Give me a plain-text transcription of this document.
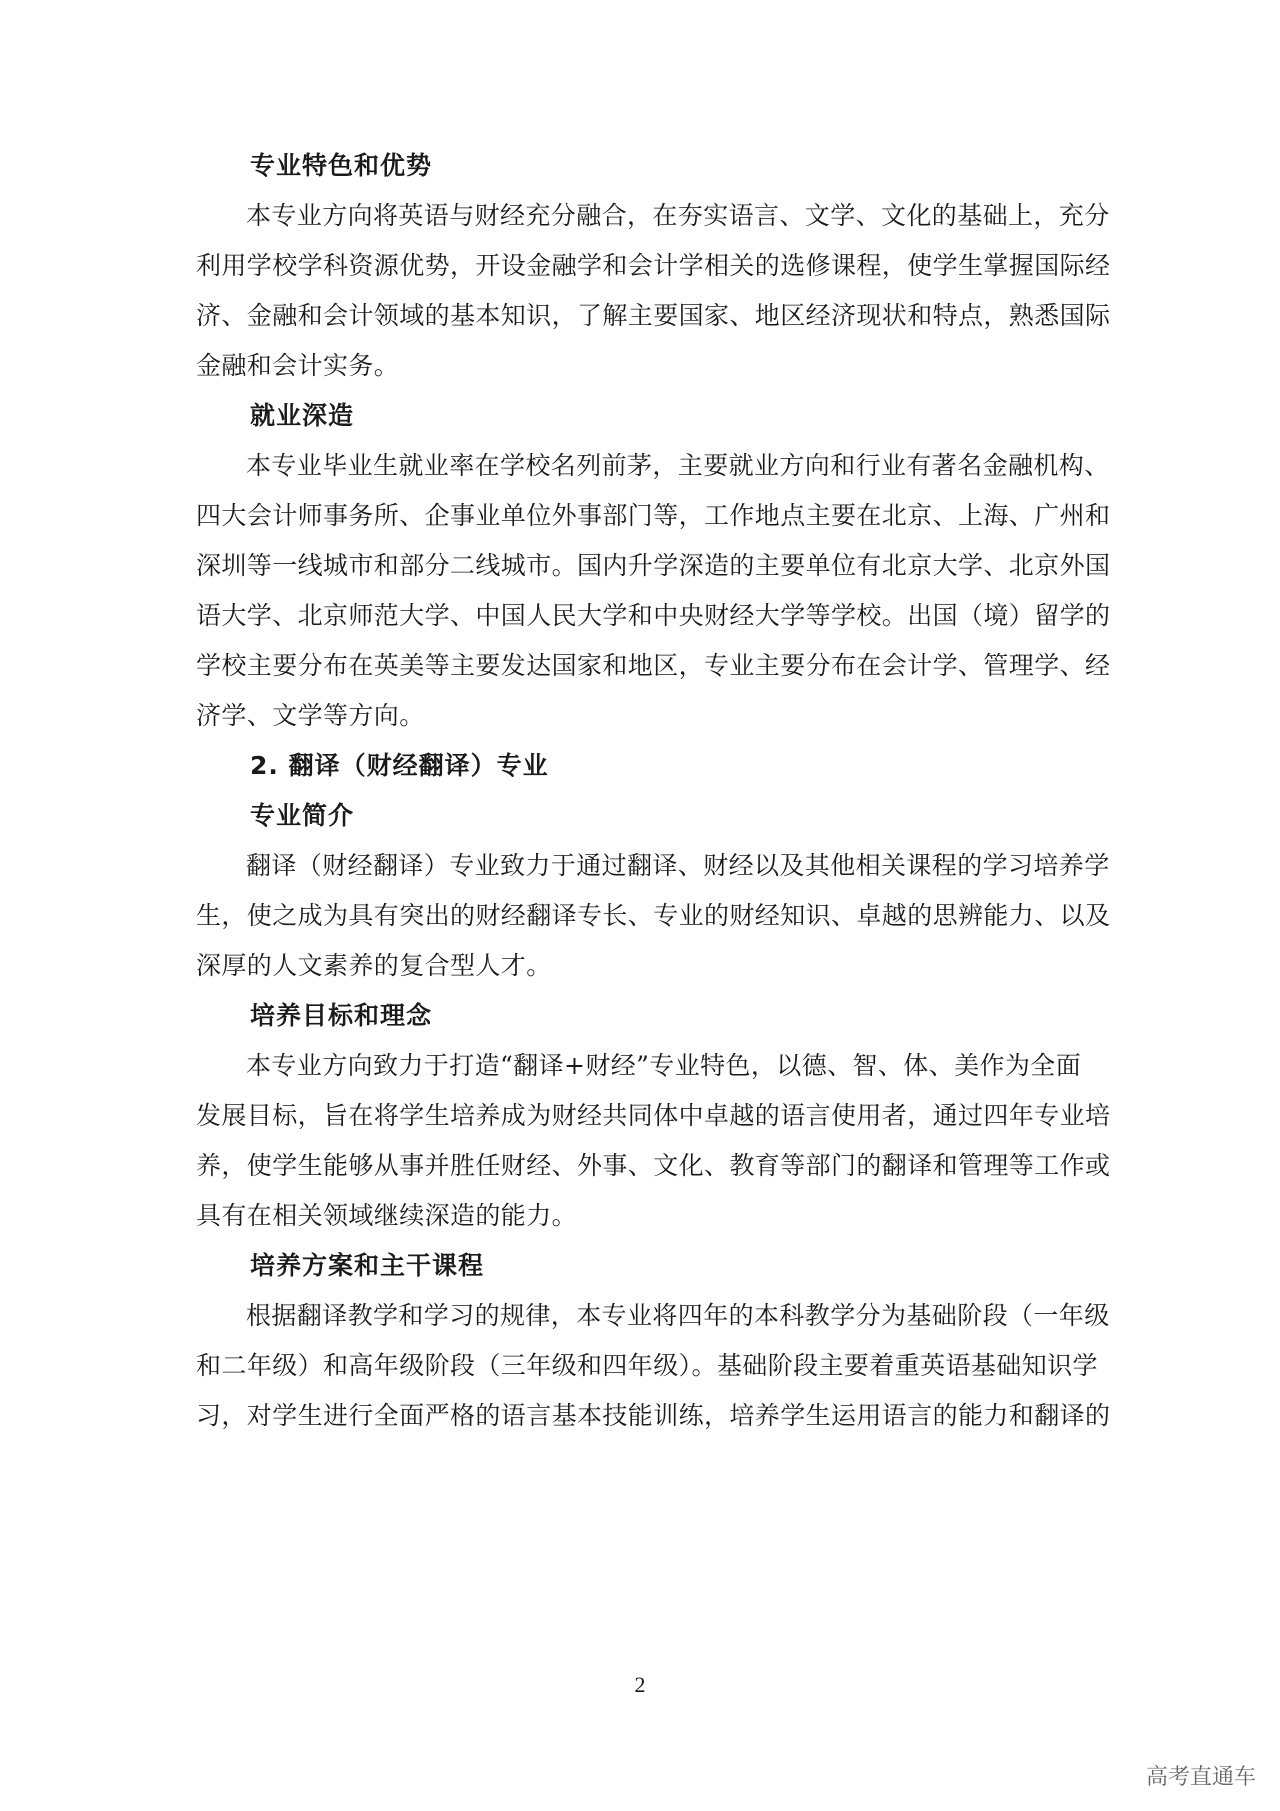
专业特色和优势
本专业方向将英语与财经充分融合，在夯实语言、文学、文化的基础上，充分
利用学校学科资源优势，开设金融学和会计学相关的选修课程，使学生掌握国际经
济、金融和会计领域的基本知识，了解主要国家、地区经济现状和特点，熟悉国际
金融和会计实务。
就业深造
本专业毕业生就业率在学校名列前茅，主要就业方向和行业有著名金融机构、
四大会计师事务所、企事业单位外事部门等，工作地点主要在北京、上海、广州和
深圳等一线城市和部分二线城市。国内升学深造的主要单位有北京大学、北京外国
语大学、北京师范大学、中国人民大学和中央财经大学等学校。出国（境）留学的
学校主要分布在英美等主要发达国家和地区，专业主要分布在会计学、管理学、经
济学、文学等方向。
2. 翻译（财经翻译）专业
专业简介
翻译（财经翻译）专业致力于通过翻译、财经以及其他相关课程的学习培养学
生，使之成为具有突出的财经翻译专长、专业的财经知识、卓越的思辨能力、以及
深厚的人文素养的复合型人才。
培养目标和理念
本专业方向致力于打造“翻译+财经”专业特色，以德、智、体、美作为全面
发展目标，旨在将学生培养成为财经共同体中卓越的语言使用者，通过四年专业培
养，使学生能够从事并胜任财经、外事、文化、教育等部门的翻译和管理等工作或
具有在相关领域继续深造的能力。
培养方案和主干课程
根据翻译教学和学习的规律，本专业将四年的本科教学分为基础阶段（一年级
和二年级）和高年级阶段（三年级和四年级）。基础阶段主要着重英语基础知识学
习，对学生进行全面严格的语言基本技能训练，培养学生运用语言的能力和翻译的
2
高考直通车
